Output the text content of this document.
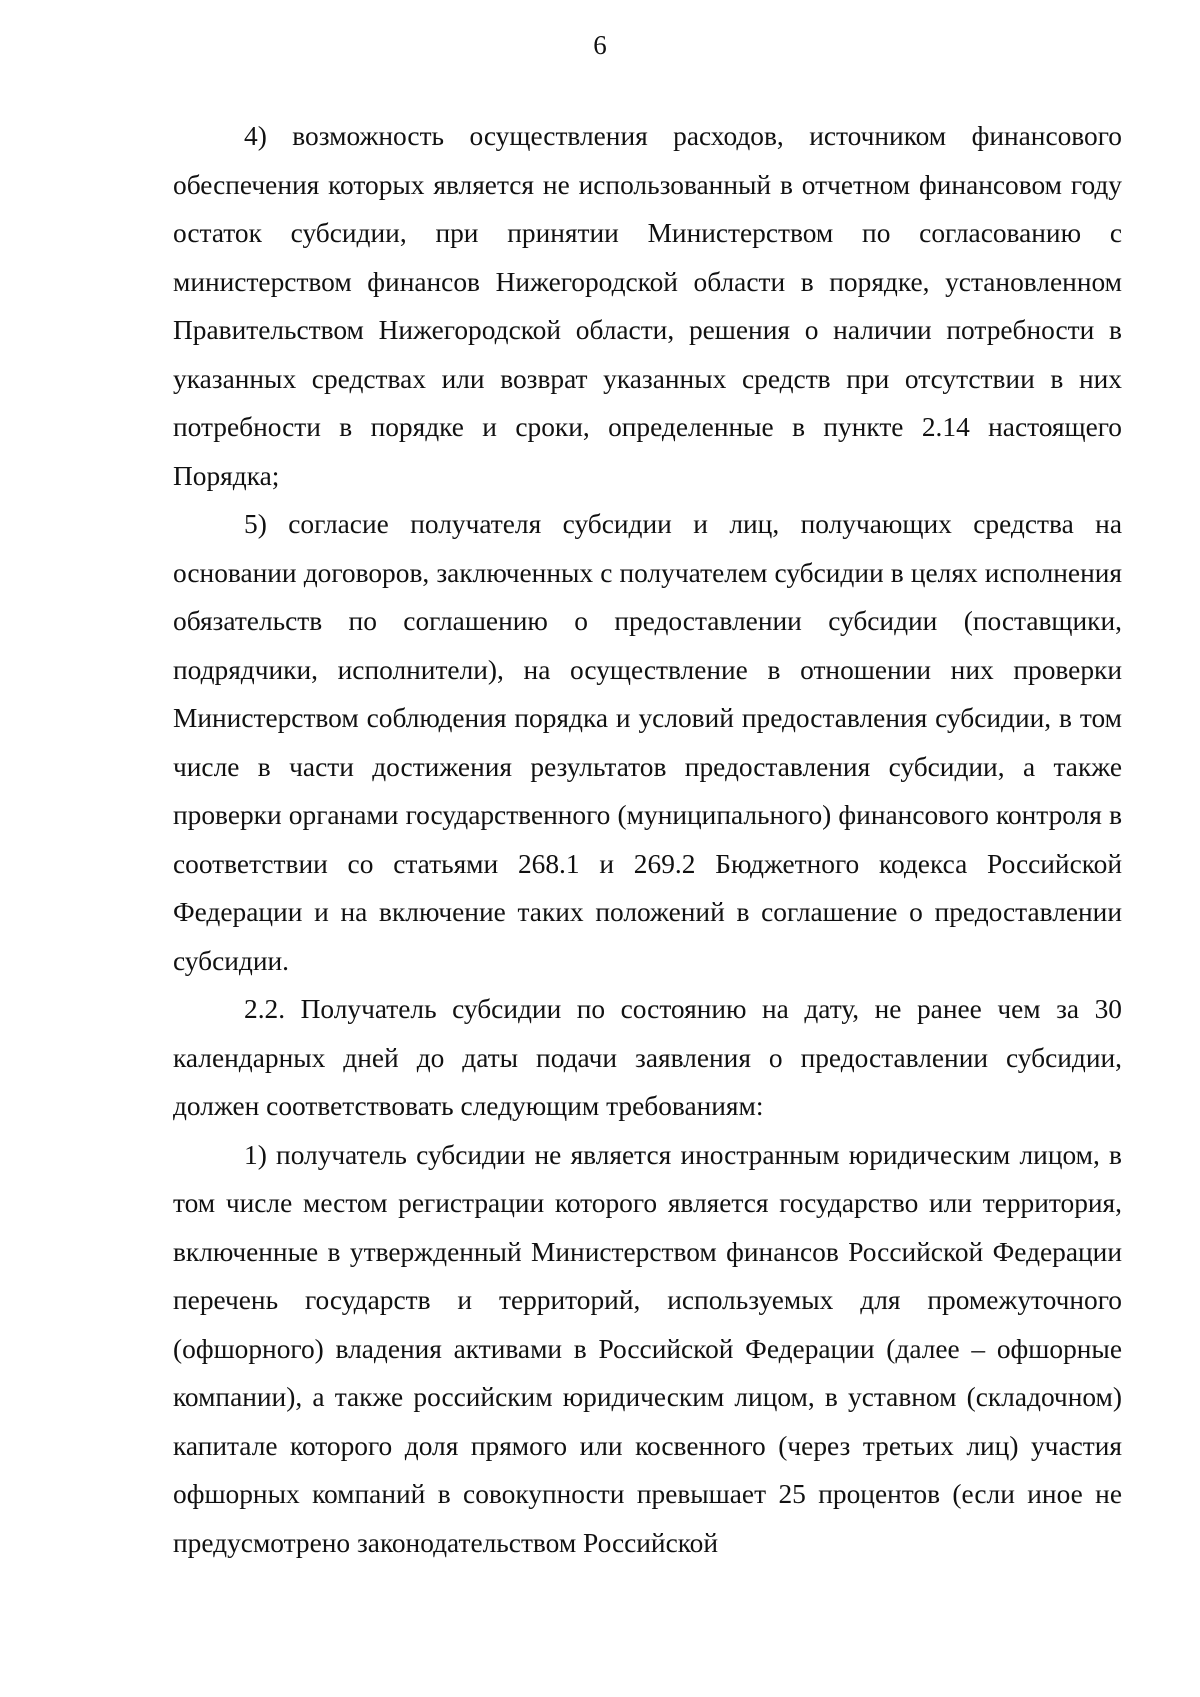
6

4) возможность осуществления расходов, источником финансового обеспечения которых является не использованный в отчетном финансовом году остаток субсидии, при принятии Министерством по согласованию с министерством финансов Нижегородской области в порядке, установленном Правительством Нижегородской области, решения о наличии потребности в указанных средствах или возврат указанных средств при отсутствии в них потребности в порядке и сроки, определенные в пункте 2.14 настоящего Порядка;

5) согласие получателя субсидии и лиц, получающих средства на основании договоров, заключенных с получателем субсидии в целях исполнения обязательств по соглашению о предоставлении субсидии (поставщики, подрядчики, исполнители), на осуществление в отношении них проверки Министерством соблюдения порядка и условий предоставления субсидии, в том числе в части достижения результатов предоставления субсидии, а также проверки органами государственного (муниципального) финансового контроля в соответствии со статьями 268.1 и 269.2 Бюджетного кодекса Российской Федерации и на включение таких положений в соглашение о предоставлении субсидии.

2.2. Получатель субсидии по состоянию на дату, не ранее чем за 30 календарных дней до даты подачи заявления о предоставлении субсидии, должен соответствовать следующим требованиям:

1) получатель субсидии не является иностранным юридическим лицом, в том числе местом регистрации которого является государство или территория, включенные в утвержденный Министерством финансов Российской Федерации перечень государств и территорий, используемых для промежуточного (офшорного) владения активами в Российской Федерации (далее – офшорные компании), а также российским юридическим лицом, в уставном (складочном) капитале которого доля прямого или косвенного (через третьих лиц) участия офшорных компаний в совокупности превышает 25 процентов (если иное не предусмотрено законодательством Российской
